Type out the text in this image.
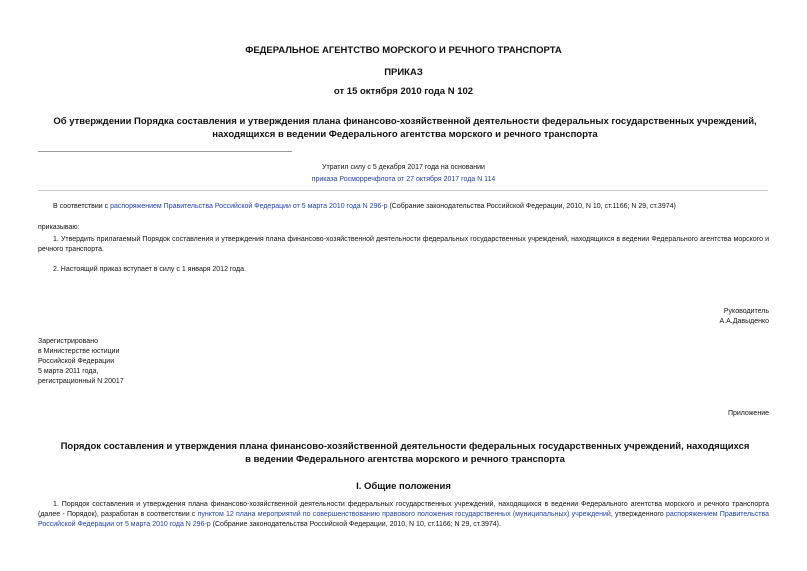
ФЕДЕРАЛЬНОЕ АГЕНТСТВО МОРСКОГО И РЕЧНОГО ТРАНСПОРТА
ПРИКАЗ
от 15 октября 2010 года N 102
Об утверждении Порядка составления и утверждения плана финансово-хозяйственной деятельности федеральных государственных учреждений, находящихся в ведении Федерального агентства морского и речного транспорта
Утратил силу с 5 декабря 2017 года на основании
приказа Росморречфлота от 27 октября 2017 года N 114
В соответствии с распоряжением Правительства Российской Федерации от 5 марта 2010 года N 296-р (Собрание законодательства Российской Федерации, 2010, N 10, ст.1166; N 29, ст.3974)
приказываю:
1. Утвердить прилагаемый Порядок составления и утверждения плана финансово-хозяйственной деятельности федеральных государственных учреждений, находящихся в ведении Федерального агентства морского и речного транспорта.
2. Настоящий приказ вступает в силу с 1 января 2012 года.
Руководитель
А.А.Давыденко
Зарегистрировано
в Министерстве юстиции
Российской Федерации
5 марта 2011 года,
регистрационный N 20017
Приложение
Порядок составления и утверждения плана финансово-хозяйственной деятельности федеральных государственных учреждений, находящихся в ведении Федерального агентства морского и речного транспорта
I. Общие положения
1. Порядок составления и утверждения плана финансово-хозяйственной деятельности федеральных государственных учреждений, находящихся в ведении Федерального агентства морского и речного транспорта (далее - Порядок), разработан в соответствии с пунктом 12 плана мероприятий по совершенствованию правового положения государственных (муниципальных) учреждений, утвержденного распоряжением Правительства Российской Федерации от 5 марта 2010 года N 296-р (Собрание законодательства Российской Федерации, 2010, N 10, ст.1166; N 29, ст.3974).
